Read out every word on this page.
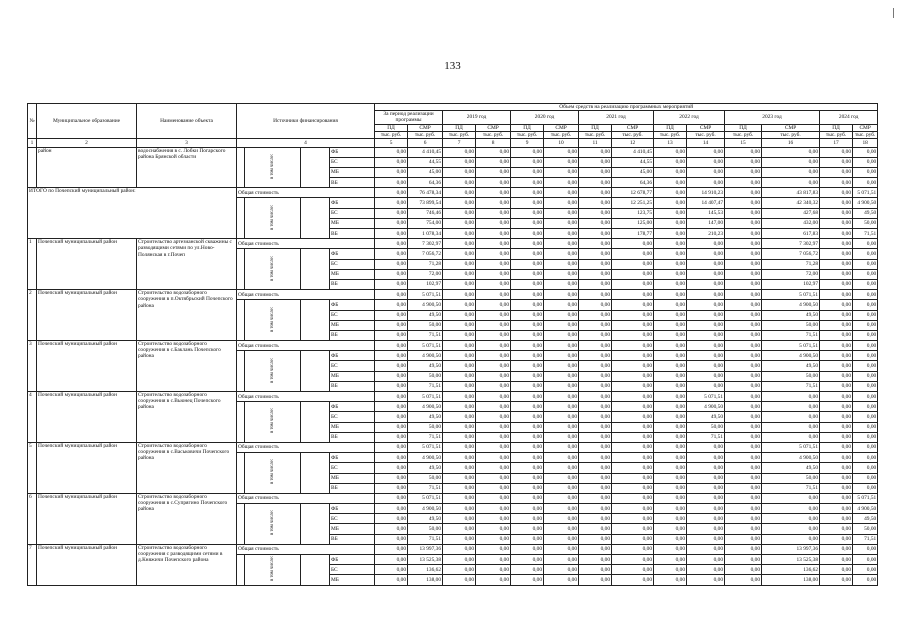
133
№	Муниципальное образование	Наименование объекта	Источники финансирования				Объем средств на реализацию программных мероприятий													
							За период реализации программы		2019 год		2020 год		2021 год		2022 год		2023 год		2024 год	
							ПД	СМР	ПД	СМР	ПД	СМР	ПД	СМР	ПД	СМР	ПД	СМР	ПД	СМР
							тыс. руб.	тыс. руб.	тыс. руб.	тыс. руб.	тыс. руб.	тыс. руб.	тыс. руб.	тыс. руб.	тыс. руб.	тыс. руб.	тыс. руб.	тыс. руб.	тыс. руб.	тыс. руб.
1	2	3	4				5	6	7	8	9	10	11	12	13	14	15	16	17	18
	район	водоснабжения в с. Лобки Погарского района Брянской области		в том числе:		ФБ	0,00	4 410,45	0,00	0,00	0,00	0,00	0,00	4 410,45	0,00	0,00	0,00	0,00	0,00	0,00
						БС	0,00	44,55	0,00	0,00	0,00	0,00	0,00	44,55	0,00	0,00	0,00	0,00	0,00	0,00
						МБ	0,00	45,00	0,00	0,00	0,00	0,00	0,00	45,00	0,00	0,00	0,00	0,00	0,00	0,00
						ВБ	0,00	64,36	0,00	0,00	0,00	0,00	0,00	64,36	0,00	0,00	0,00	0,00	0,00	0,00
ИТОГО по Почепский муниципальный район:			Общая стоимость				0,00	76 478,34	0,00	0,00	0,00	0,00	0,00	12 678,77	0,00	14 910,23	0,00	43 817,83	0,00	5 071,51
				в том числе:		ФБ	0,00	73 899,54	0,00	0,00	0,00	0,00	0,00	12 251,25	0,00	14 407,47	0,00	42 340,32	0,00	4 900,50
						БС	0,00	746,46	0,00	0,00	0,00	0,00	0,00	123,75	0,00	145,53	0,00	427,68	0,00	49,50
						МБ	0,00	754,00	0,00	0,00	0,00	0,00	0,00	125,00	0,00	147,00	0,00	432,00	0,00	50,00
						ВБ	0,00	1 078,34	0,00	0,00	0,00	0,00	0,00	178,77	0,00	210,23	0,00	617,83	0,00	71,51
1	Почепский муниципальный район	Строительство артезианской скважины с разводящими сетями по ул.Ново-Полянская в г.Почеп	Общая стоимость				0,00	7 302,97	0,00	0,00	0,00	0,00	0,00	0,00	0,00	0,00	0,00	7 302,97	0,00	0,00
				в том числе:		ФБ	0,00	7 056,72	0,00	0,00	0,00	0,00	0,00	0,00	0,00	0,00	0,00	7 056,72	0,00	0,00
						БС	0,00	71,28	0,00	0,00	0,00	0,00	0,00	0,00	0,00	0,00	0,00	71,28	0,00	0,00
						МБ	0,00	72,00	0,00	0,00	0,00	0,00	0,00	0,00	0,00	0,00	0,00	72,00	0,00	0,00
						ВБ	0,00	102,97	0,00	0,00	0,00	0,00	0,00	0,00	0,00	0,00	0,00	102,97	0,00	0,00
2	Почепский муниципальный район	Строительство водозаборного сооружения в п.Октябрьский Почепского района	Общая стоимость				0,00	5 071,51	0,00	0,00	0,00	0,00	0,00	0,00	0,00	0,00	0,00	5 071,51	0,00	0,00
				в том числе:		ФБ	0,00	4 900,50	0,00	0,00	0,00	0,00	0,00	0,00	0,00	0,00	0,00	4 900,50	0,00	0,00
						БС	0,00	49,50	0,00	0,00	0,00	0,00	0,00	0,00	0,00	0,00	0,00	49,50	0,00	0,00
						МБ	0,00	50,00	0,00	0,00	0,00	0,00	0,00	0,00	0,00	0,00	0,00	50,00	0,00	0,00
						ВБ	0,00	71,51	0,00	0,00	0,00	0,00	0,00	0,00	0,00	0,00	0,00	71,51	0,00	0,00
3	Почепский муниципальный район	Строительство водозаборного сооружения в с.Баклань Почепского района	Общая стоимость				0,00	5 071,51	0,00	0,00	0,00	0,00	0,00	0,00	0,00	0,00	0,00	5 071,51	0,00	0,00
				в том числе:		ФБ	0,00	4 900,50	0,00	0,00	0,00	0,00	0,00	0,00	0,00	0,00	0,00	4 900,50	0,00	0,00
						БС	0,00	49,50	0,00	0,00	0,00	0,00	0,00	0,00	0,00	0,00	0,00	49,50	0,00	0,00
						МБ	0,00	50,00	0,00	0,00	0,00	0,00	0,00	0,00	0,00	0,00	0,00	50,00	0,00	0,00
						ВБ	0,00	71,51	0,00	0,00	0,00	0,00	0,00	0,00	0,00	0,00	0,00	71,51	0,00	0,00
4	Почепский муниципальный район	Строительство водозаборного сооружения в с.Вьюнец Почепского района	Общая стоимость				0,00	5 071,51	0,00	0,00	0,00	0,00	0,00	0,00	0,00	5 071,51	0,00	0,00	0,00	0,00
				в том числе:		ФБ	0,00	4 900,50	0,00	0,00	0,00	0,00	0,00	0,00	0,00	4 900,50	0,00	0,00	0,00	0,00
						БС	0,00	49,50	0,00	0,00	0,00	0,00	0,00	0,00	0,00	49,50	0,00	0,00	0,00	0,00
						МБ	0,00	50,00	0,00	0,00	0,00	0,00	0,00	0,00	0,00	50,00	0,00	0,00	0,00	0,00
						ВБ	0,00	71,51	0,00	0,00	0,00	0,00	0,00	0,00	0,00	71,51	0,00	0,00	0,00	0,00
5	Почепский муниципальный район	Строительство водозаборного сооружения в с.Васьковичи Почепского района	Общая стоимость				0,00	5 071,51	0,00	0,00	0,00	0,00	0,00	0,00	0,00	0,00	0,00	5 071,51	0,00	0,00
				в том числе:		ФБ	0,00	4 900,50	0,00	0,00	0,00	0,00	0,00	0,00	0,00	0,00	0,00	4 900,50	0,00	0,00
						БС	0,00	49,50	0,00	0,00	0,00	0,00	0,00	0,00	0,00	0,00	0,00	49,50	0,00	0,00
						МБ	0,00	50,00	0,00	0,00	0,00	0,00	0,00	0,00	0,00	0,00	0,00	50,00	0,00	0,00
						ВБ	0,00	71,51	0,00	0,00	0,00	0,00	0,00	0,00	0,00	0,00	0,00	71,51	0,00	0,00
6	Почепский муниципальный район	Строительство водозаборного сооружения в с.Супрягино Почепского района	Общая стоимость				0,00	5 071,51	0,00	0,00	0,00	0,00	0,00	0,00	0,00	0,00	0,00	0,00	0,00	5 071,51
				в том числе:		ФБ	0,00	4 900,50	0,00	0,00	0,00	0,00	0,00	0,00	0,00	0,00	0,00	0,00	0,00	4 900,50
						БС	0,00	49,50	0,00	0,00	0,00	0,00	0,00	0,00	0,00	0,00	0,00	0,00	0,00	49,50
						МБ	0,00	50,00	0,00	0,00	0,00	0,00	0,00	0,00	0,00	0,00	0,00	0,00	0,00	50,00
						ВБ	0,00	71,51	0,00	0,00	0,00	0,00	0,00	0,00	0,00	0,00	0,00	0,00	0,00	71,51
7	Почепский муниципальный район	Строительство водозаборного сооружения с разводящими сетями в д.Княжичи Почепского района	Общая стоимость				0,00	13 997,36	0,00	0,00	0,00	0,00	0,00	0,00	0,00	0,00	0,00	13 997,36	0,00	0,00
				в том числе:		ФБ	0,00	13 525,38	0,00	0,00	0,00	0,00	0,00	0,00	0,00	0,00	0,00	13 525,38	0,00	0,00
						БС	0,00	136,62	0,00	0,00	0,00	0,00	0,00	0,00	0,00	0,00	0,00	136,62	0,00	0,00
						МБ	0,00	138,00	0,00	0,00	0,00	0,00	0,00	0,00	0,00	0,00	0,00	138,00	0,00	0,00
